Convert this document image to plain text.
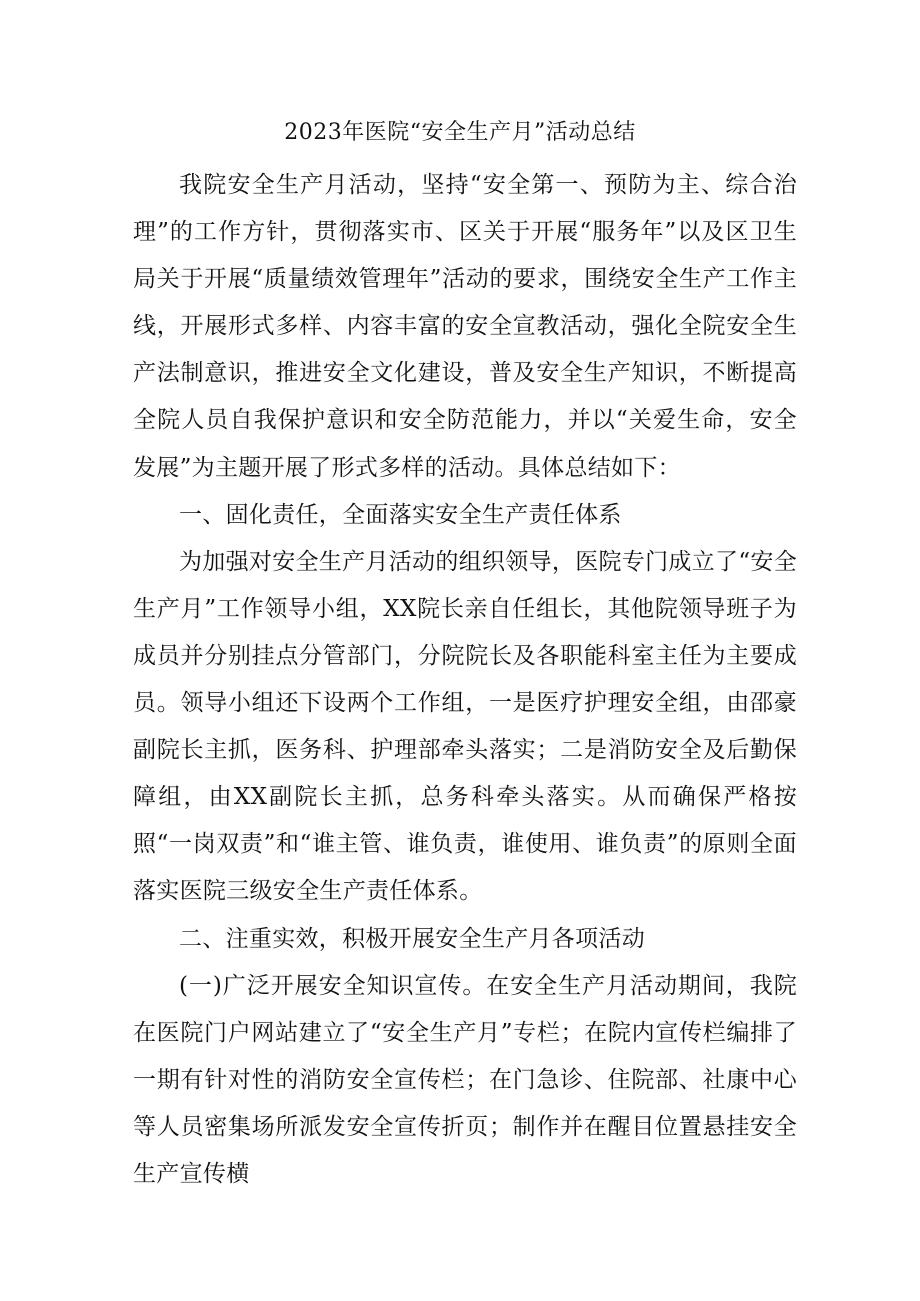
2023年医院“安全生产月”活动总结

我院安全生产月活动，坚持“安全第一、预防为主、综合治理”的工作方针，贯彻落实市、区关于开展“服务年”以及区卫生局关于开展“质量绩效管理年”活动的要求，围绕安全生产工作主线，开展形式多样、内容丰富的安全宣教活动，强化全院安全生产法制意识，推进安全文化建设，普及安全生产知识，不断提高全院人员自我保护意识和安全防范能力，并以“关爱生命，安全发展”为主题开展了形式多样的活动。具体总结如下：

一、固化责任，全面落实安全生产责任体系

为加强对安全生产月活动的组织领导，医院专门成立了“安全生产月”工作领导小组，XX院长亲自任组长，其他院领导班子为成员并分别挂点分管部门，分院院长及各职能科室主任为主要成员。领导小组还下设两个工作组，一是医疗护理安全组，由邵豪副院长主抓，医务科、护理部牵头落实；二是消防安全及后勤保障组，由XX副院长主抓，总务科牵头落实。从而确保严格按照“一岗双责”和“谁主管、谁负责，谁使用、谁负责”的原则全面落实医院三级安全生产责任体系。

二、注重实效，积极开展安全生产月各项活动

(一)广泛开展安全知识宣传。在安全生产月活动期间，我院在医院门户网站建立了“安全生产月”专栏；在院内宣传栏编排了一期有针对性的消防安全宣传栏；在门急诊、住院部、社康中心等人员密集场所派发安全宣传折页；制作并在醒目位置悬挂安全生产宣传横
